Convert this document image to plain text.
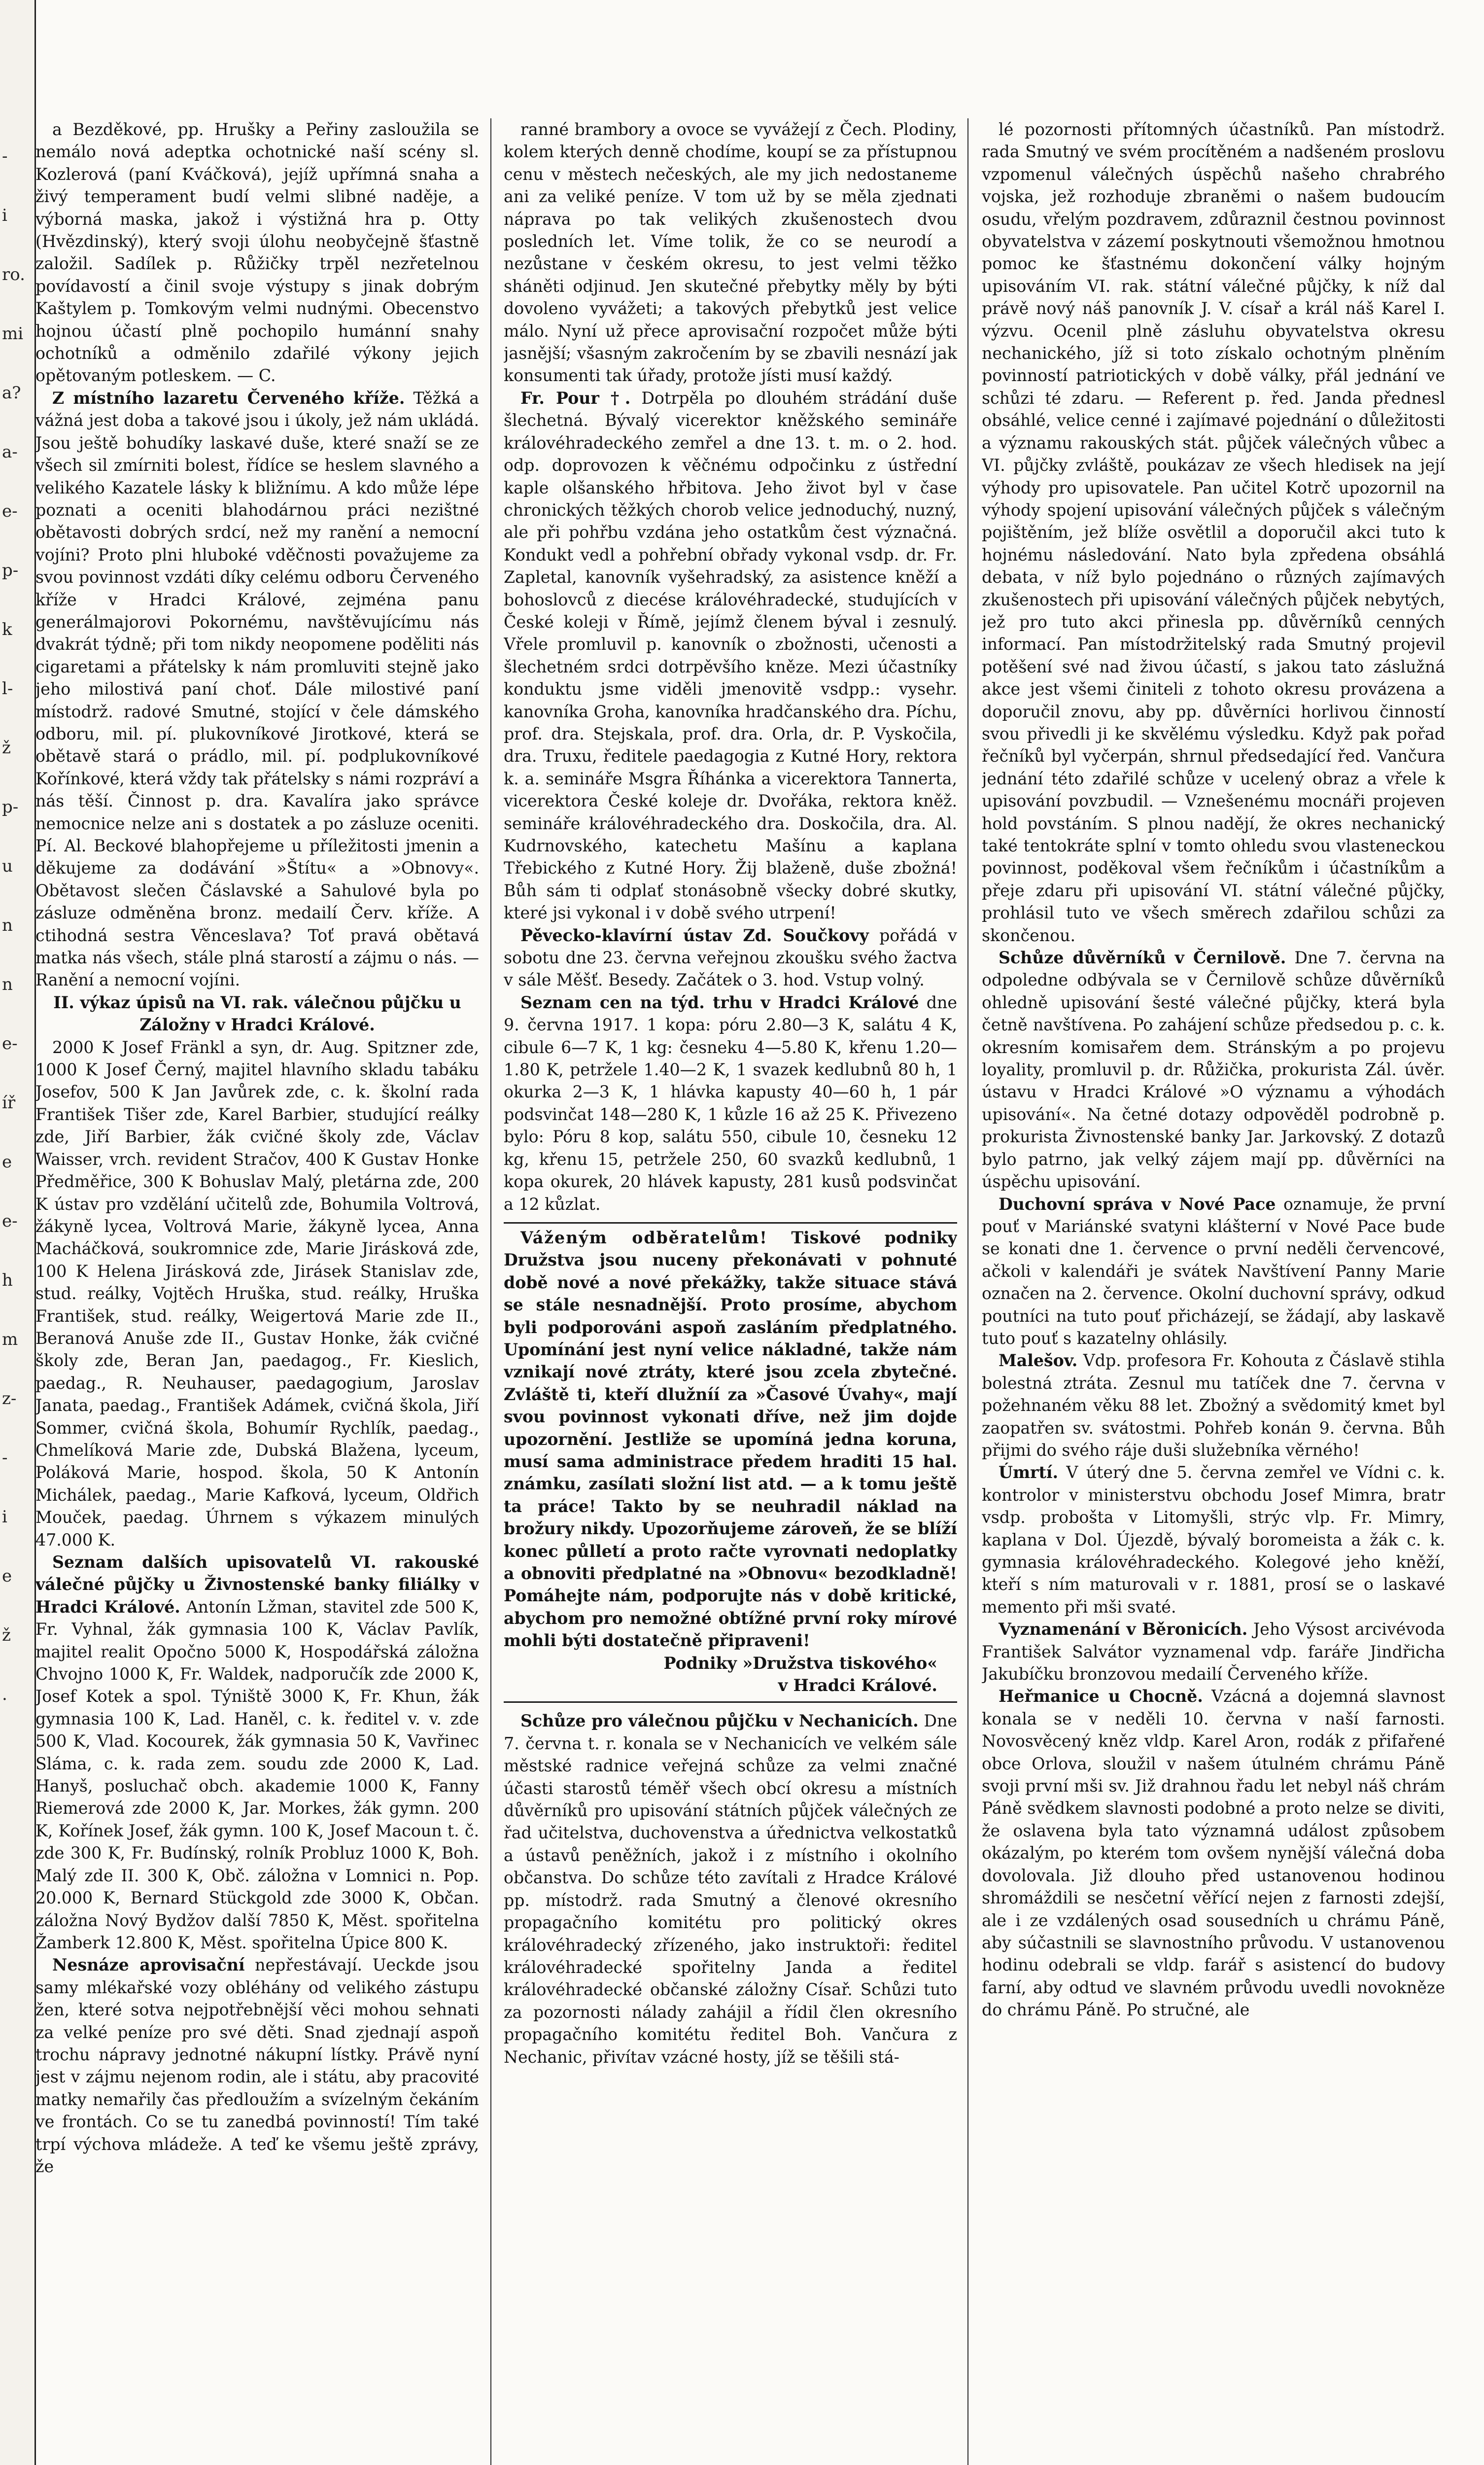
-
i
ro.
mi
a?
a-
e-
p-
k
l-
ž
p-
u
n
n
e-
íř
e
e-
h
m
z-
-
i
e
ž
.

a Bezděkové, pp. Hrušky a Peřiny zasloužila se nemálo nová adeptka ochotnické naší scény sl. Kozlerová (paní Kváčková), jejíž upřímná snaha a živý temperament budí velmi slibné naděje, a výborná maska, jakož i výstižná hra p. Otty (Hvězdinský), který svoji úlohu neobyčejně šťastně založil. Sadílek p. Růžičky trpěl nezřetelnou povídavostí a činil svoje výstupy s jinak dobrým Kaštylem p. Tomkovým velmi nudnými. Obecenstvo hojnou účastí plně pochopilo humánní snahy ochotníků a odměnilo zdařilé výkony jejich opětovaným potleskem. — C.

Z místního lazaretu Červeného kříže. Těžká a vážná jest doba a takové jsou i úkoly, jež nám ukládá. Jsou ještě bohudíky laskavé duše, které snaží se ze všech sil zmírniti bolest, řídíce se heslem slavného a velikého Kazatele lásky k bližnímu. A kdo může lépe poznati a oceniti blahodárnou práci nezištné obětavosti dobrých srdcí, než my ranění a nemocní vojíni? Proto plni hluboké vděčnosti považujeme za svou povinnost vzdáti díky celému odboru Červeného kříže v Hradci Králové, zejména panu generálmajorovi Pokornému, navštěvujícímu nás dvakrát týdně; při tom nikdy neopomene poděliti nás cigaretami a přátelsky k nám promluviti stejně jako jeho milostivá paní choť. Dále milostivé paní místodrž. radové Smutné, stojící v čele dámského odboru, mil. pí. plukovníkové Jirotkové, která se obětavě stará o prádlo, mil. pí. podplukovníkové Kořínkové, která vždy tak přátelsky s námi rozpráví a nás těší. Činnost p. dra. Kavalíra jako správce nemocnice nelze ani s dostatek a po zásluze oceniti. Pí. Al. Beckové blahopřejeme u příležitosti jmenin a děkujeme za dodávání »Štítu« a »Obnovy«. Obětavost slečen Čáslavské a Sahulové byla po zásluze odměněna bronz. medailí Červ. kříže. A ctihodná sestra Věnceslava? Toť pravá obětavá matka nás všech, stále plná starostí a zájmu o nás. — Ranění a nemocní vojíni.

II. výkaz úpisů na VI. rak. válečnou půjčku u Záložny v Hradci Králové.

2000 K Josef Fränkl a syn, dr. Aug. Spitzner zde, 1000 K Josef Černý, majitel hlavního skladu tabáku Josefov, 500 K Jan Javůrek zde, c. k. školní rada František Tišer zde, Karel Barbier, studující reálky zde, Jiří Barbier, žák cvičné školy zde, Václav Waisser, vrch. revident Stračov, 400 K Gustav Honke Předměřice, 300 K Bohuslav Malý, pletárna zde, 200 K ústav pro vzdělání učitelů zde, Bohumila Voltrová, žákyně lycea, Voltrová Marie, žákyně lycea, Anna Macháčková, soukromnice zde, Marie Jirásková zde, 100 K Helena Jirásková zde, Jirásek Stanislav zde, stud. reálky, Vojtěch Hruška, stud. reálky, Hruška František, stud. reálky, Weigertová Marie zde II., Beranová Anuše zde II., Gustav Honke, žák cvičné školy zde, Beran Jan, paedagog., Fr. Kieslich, paedag., R. Neuhauser, paedagogium, Jaroslav Janata, paedag., František Adámek, cvičná škola, Jiří Sommer, cvičná škola, Bohumír Rychlík, paedag., Chmelíková Marie zde, Dubská Blažena, lyceum, Poláková Marie, hospod. škola, 50 K Antonín Michálek, paedag., Marie Kafková, lyceum, Oldřich Mouček, paedag. Úhrnem s výkazem minulých 47.000 K.

Seznam dalších upisovatelů VI. rakouské válečné půjčky u Živnostenské banky filiálky v Hradci Králové. Antonín Lžman, stavitel zde 500 K, Fr. Vyhnal, žák gymnasia 100 K, Václav Pavlík, majitel realit Opočno 5000 K, Hospodářská záložna Chvojno 1000 K, Fr. Waldek, nadporučík zde 2000 K, Josef Kotek a spol. Týniště 3000 K, Fr. Khun, žák gymnasia 100 K, Lad. Haněl, c. k. ředitel v. v. zde 500 K, Vlad. Kocourek, žák gymnasia 50 K, Vavřinec Sláma, c. k. rada zem. soudu zde 2000 K, Lad. Hanyš, posluchač obch. akademie 1000 K, Fanny Riemerová zde 2000 K, Jar. Morkes, žák gymn. 200 K, Kořínek Josef, žák gymn. 100 K, Josef Macoun t. č. zde 300 K, Fr. Budínský, rolník Probluz 1000 K, Boh. Malý zde II. 300 K, Obč. záložna v Lomnici n. Pop. 20.000 K, Bernard Stückgold zde 3000 K, Občan. záložna Nový Bydžov další 7850 K, Měst. spořitelna Žamberk 12.800 K, Měst. spořitelna Úpice 800 K.

Nesnáze aprovisační nepřestávají. Ueckde jsou samy mlékařské vozy obléhány od velikého zástupu žen, které sotva nejpotřebnější věci mohou sehnati za velké peníze pro své děti. Snad zjednají aspoň trochu nápravy jednotné nákupní lístky. Právě nyní jest v zájmu nejenom rodin, ale i státu, aby pracovité matky nemařily čas předloužím a svízelným čekáním ve frontách. Co se tu zanedbá povinností! Tím také trpí výchova mládeže. A teď ke všemu ještě zprávy, že

ranné brambory a ovoce se vyvážejí z Čech. Plodiny, kolem kterých denně chodíme, koupí se za přístupnou cenu v městech nečeských, ale my jich nedostaneme ani za veliké peníze. V tom už by se měla zjednati náprava po tak velikých zkušenostech dvou posledních let. Víme tolik, že co se neurodí a nezůstane v českém okresu, to jest velmi těžko sháněti odjinud. Jen skutečné přebytky měly by býti dovoleno vyvážeti; a takových přebytků jest velice málo. Nyní už přece aprovisační rozpočet může býti jasnější; všasným zakročením by se zbavili nesnází jak konsumenti tak úřady, protože jísti musí každý.

Fr. Pour †. Dotrpěla po dlouhém strádání duše šlechetná. Bývalý vicerektor kněžského semináře královéhradeckého zemřel a dne 13. t. m. o 2. hod. odp. doprovozen k věčnému odpočinku z ústřední kaple olšanského hřbitova. Jeho život byl v čase chronických těžkých chorob velice jednoduchý, nuzný, ale při pohřbu vzdána jeho ostatkům čest význačná. Kondukt vedl a pohřební obřady vykonal vsdp. dr. Fr. Zapletal, kanovník vyšehradský, za asistence kněží a bohoslovců z diecése královéhradecké, studujících v České koleji v Římě, jejímž členem býval i zesnulý. Vřele promluvil p. kanovník o zbožnosti, učenosti a šlechetném srdci dotrpěvšího kněze. Mezi účastníky konduktu jsme viděli jmenovitě vsdpp.: vysehr. kanovníka Groha, kanovníka hradčanského dra. Píchu, prof. dra. Stejskala, prof. dra. Orla, dr. P. Vyskočila, dra. Truxu, ředitele paedagogia z Kutné Hory, rektora k. a. semináře Msgra Říhánka a vicerektora Tannerta, vicerektora České koleje dr. Dvořáka, rektora kněž. semináře královéhradeckého dra. Doskočila, dra. Al. Kudrnovského, katechetu Mašínu a kaplana Třebického z Kutné Hory. Žij blaženě, duše zbožná! Bůh sám ti odplať stonásobně všecky dobré skutky, které jsi vykonal i v době svého utrpení!

Pěvecko-klavírní ústav Zd. Součkovy pořádá v sobotu dne 23. června veřejnou zkoušku svého žactva v sále Měšť. Besedy. Začátek o 3. hod. Vstup volný.

Seznam cen na týd. trhu v Hradci Králové dne 9. června 1917. 1 kopa: póru 2.80—3 K, salátu 4 K, cibule 6—7 K, 1 kg: česneku 4—5.80 K, křenu 1.20—1.80 K, petržele 1.40—2 K, 1 svazek kedlubnů 80 h, 1 okurka 2—3 K, 1 hlávka kapusty 40—60 h, 1 pár podsvinčat 148—280 K, 1 kůzle 16 až 25 K. Přivezeno bylo: Póru 8 kop, salátu 550, cibule 10, česneku 12 kg, křenu 15, petržele 250, 60 svazků kedlubnů, 1 kopa okurek, 20 hlávek kapusty, 281 kusů podsvinčat a 12 kůzlat.

Váženým odběratelům! Tiskové podniky Družstva jsou nuceny překonávati v pohnuté době nové a nové překážky, takže situace stává se stále nesnadnější. Proto prosíme, abychom byli podporováni aspoň zasláním předplatného. Upomínání jest nyní velice nákladné, takže nám vznikají nové ztráty, které jsou zcela zbytečné. Zvláště ti, kteří dlužníí za »Časové Úvahy«, mají svou povinnost vykonati dříve, než jim dojde upozornění. Jestliže se upomíná jedna koruna, musí sama administrace předem hraditi 15 hal. známku, zasílati složní list atd. — a k tomu ještě ta práce! Takto by se neuhradil náklad na brožury nikdy. Upozorňujeme zároveň, že se blíží konec půlletí a proto račte vyrovnati nedoplatky a obnoviti předplatné na »Obnovu« bezodkladně! Pomáhejte nám, podporujte nás v době kritické, abychom pro nemožné obtížné první roky mírové mohli býti dostatečně připraveni!

Podniky »Družstva tiskového«

v Hradci Králové.

Schůze pro válečnou půjčku v Nechanicích. Dne 7. června t. r. konala se v Nechanicích ve velkém sále městské radnice veřejná schůze za velmi značné účasti starostů téměř všech obcí okresu a místních důvěrníků pro upisování státních půjček válečných ze řad učitelstva, duchovenstva a úřednictva velkostatků a ústavů peněžních, jakož i z místního i okolního občanstva. Do schůze této zavítali z Hradce Králové pp. místodrž. rada Smutný a členové okresního propagačního komitétu pro politický okres královéhradecký zřízeného, jako instruktoři: ředitel královéhradecké spořitelny Janda a ředitel královéhradecké občanské záložny Císař. Schůzi tuto za pozornosti nálady zahájil a řídil člen okresního propagačního komitétu ředitel Boh. Vančura z Nechanic, přivítav vzácné hosty, jíž se těšili stá-

lé pozornosti přítomných účastníků. Pan místodrž. rada Smutný ve svém procítěném a nadšeném proslovu vzpomenul válečných úspěchů našeho chrabrého vojska, jež rozhoduje zbraněmi o našem budoucím osudu, vřelým pozdravem, zdůraznil čestnou povinnost obyvatelstva v zázemí poskytnouti všemožnou hmotnou pomoc ke šťastnému dokončení války hojným upisováním VI. rak. státní válečné půjčky, k níž dal právě nový náš panovník J. V. císař a král náš Karel I. výzvu. Ocenil plně zásluhu obyvatelstva okresu nechanického, jíž si toto získalo ochotným plněním povinností patriotických v době války, přál jednání ve schůzi té zdaru. — Referent p. řed. Janda přednesl obsáhlé, velice cenné i zajímavé pojednání o důležitosti a významu rakouských stát. půjček válečných vůbec a VI. půjčky zvláště, poukázav ze všech hledisek na její výhody pro upisovatele. Pan učitel Kotrč upozornil na výhody spojení upisování válečných půjček s válečným pojištěním, jež blíže osvětlil a doporučil akci tuto k hojnému následování. Nato byla zpředena obsáhlá debata, v níž bylo pojednáno o různých zajímavých zkušenostech při upisování válečných půjček nebytých, jež pro tuto akci přinesla pp. důvěrníků cenných informací. Pan místodržitelský rada Smutný projevil potěšení své nad živou účastí, s jakou tato záslužná akce jest všemi činiteli z tohoto okresu provázena a doporučil znovu, aby pp. důvěrníci horlivou činností svou přivedli ji ke skvělému výsledku. Když pak pořad řečníků byl vyčerpán, shrnul předsedající řed. Vančura jednání této zdařilé schůze v ucelený obraz a vřele k upisování povzbudil. — Vznešenému mocnáři projeven hold povstáním. S plnou nadějí, že okres nechanický také tentokráte splní v tomto ohledu svou vlasteneckou povinnost, poděkoval všem řečníkům i účastníkům a přeje zdaru při upisování VI. státní válečné půjčky, prohlásil tuto ve všech směrech zdařilou schůzi za skončenou.

Schůze důvěrníků v Černilově. Dne 7. června na odpoledne odbývala se v Černilově schůze důvěrníků ohledně upisování šesté válečné půjčky, která byla četně navštívena. Po zahájení schůze předsedou p. c. k. okresním komisařem dem. Stránským a po projevu loyality, promluvil p. dr. Růžička, prokurista Zál. úvěr. ústavu v Hradci Králové »O významu a výhodách upisování«. Na četné dotazy odpověděl podrobně p. prokurista Živnostenské banky Jar. Jarkovský. Z dotazů bylo patrno, jak velký zájem mají pp. důvěrníci na úspěchu upisování.

Duchovní správa v Nové Pace oznamuje, že první pouť v Mariánské svatyni klášterní v Nové Pace bude se konati dne 1. července o první neděli červencové, ačkoli v kalendáři je svátek Navštívení Panny Marie označen na 2. července. Okolní duchovní správy, odkud poutníci na tuto pouť přicházejí, se žádají, aby laskavě tuto pouť s kazatelny ohlásily.

Malešov. Vdp. profesora Fr. Kohouta z Čáslavě stihla bolestná ztráta. Zesnul mu tatíček dne 7. června v požehnaném věku 88 let. Zbožný a svědomitý kmet byl zaopatřen sv. svátostmi. Pohřeb konán 9. června. Bůh přijmi do svého ráje duši služebníka věrného!

Úmrtí. V úterý dne 5. června zemřel ve Vídni c. k. kontrolor v ministerstvu obchodu Josef Mimra, bratr vsdp. probošta v Litomyšli, strýc vlp. Fr. Mimry, kaplana v Dol. Újezdě, bývalý boromeista a žák c. k. gymnasia královéhradeckého. Kolegové jeho kněží, kteří s ním maturovali v r. 1881, prosí se o laskavé memento při mši svaté.

Vyznamenání v Běronicích. Jeho Výsost arcivévoda František Salvátor vyznamenal vdp. faráře Jindřicha Jakubíčku bronzovou medailí Červeného kříže.

Heřmanice u Chocně. Vzácná a dojemná slavnost konala se v neděli 10. června v naší farnosti. Novosvěcený kněz vldp. Karel Aron, rodák z přifařené obce Orlova, sloužil v našem útulném chrámu Páně svoji první mši sv. Již drahnou řadu let nebyl náš chrám Páně svědkem slavnosti podobné a proto nelze se diviti, že oslavena byla tato významná událost způsobem okázalým, po kterém tom ovšem nynější válečná doba dovolovala. Již dlouho před ustanovenou hodinou shromáždili se nesčetní věřící nejen z farnosti zdejší, ale i ze vzdálených osad sousedních u chrámu Páně, aby súčastnili se slavnostního průvodu. V ustanovenou hodinu odebrali se vldp. farář s asistencí do budovy farní, aby odtud ve slavném průvodu uvedli novokněze do chrámu Páně. Po stručné, ale
